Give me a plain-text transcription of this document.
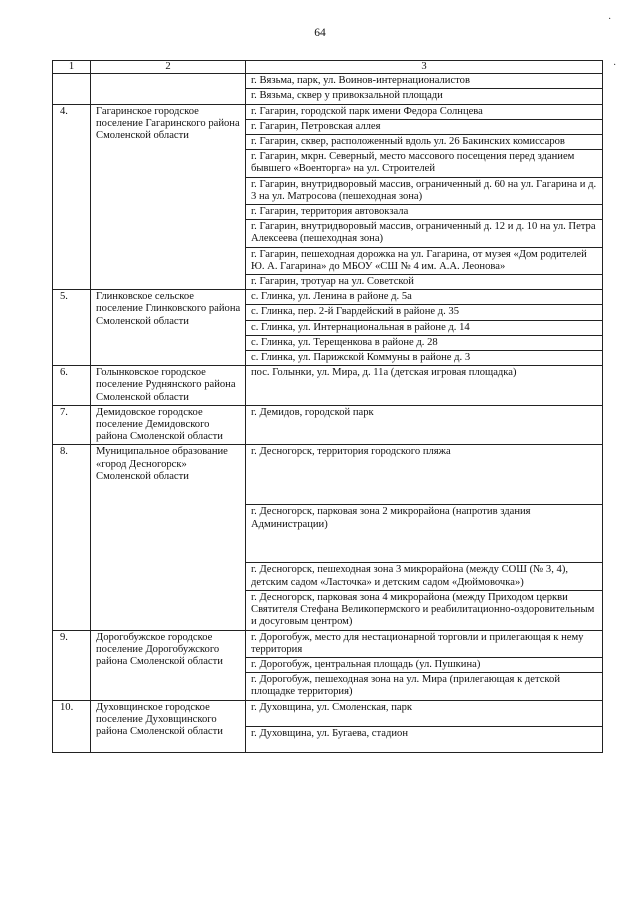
64
·
·
1	2	3
		г. Вязьма, парк, ул. Воинов-интернационалистов
		г. Вязьма, сквер у привокзальной площади
4.	Гагаринское городское поселение Гагаринского района Смоленской области	г. Гагарин, городской парк имени Федора Солнцева
		г. Гагарин, Петровская аллея
		г. Гагарин, сквер, расположенный вдоль ул. 26 Бакинских комиссаров
		г. Гагарин, мкрн. Северный, место массового посещения перед зданием бывшего «Военторга» на ул. Строителей
		г. Гагарин, внутридворовый массив, ограниченный д. 60 на ул. Гагарина и д. 3 на ул. Матросова (пешеходная зона)
		г. Гагарин, территория автовокзала
		г. Гагарин, внутридворовый массив, ограниченный д. 12 и д. 10 на ул. Петра Алексеева (пешеходная зона)
		г. Гагарин, пешеходная дорожка на ул. Гагарина, от музея «Дом родителей Ю. А. Гагарина» до МБОУ «СШ № 4 им. А.А. Леонова»
		г. Гагарин, тротуар на ул. Советской
5.	Глинковское сельское поселение Глинковского района Смоленской области	с. Глинка, ул. Ленина в районе д. 5а
		с. Глинка, пер. 2-й Гвардейский в районе д. 35
		с. Глинка, ул. Интернациональная в районе д. 14
		с. Глинка, ул. Терещенкова в районе д. 28
		с. Глинка, ул. Парижской Коммуны в районе д. 3
6.	Голынковское городское поселение Руднянского района Смоленской области	пос. Голынки, ул. Мира, д. 11а (детская игровая площадка)
7.	Демидовское городское поселение Демидовского района Смоленской области	г. Демидов, городской парк
8.	Муниципальное образование «город Десногорск» Смоленской области	г. Десногорск, территория городского пляжа
		г. Десногорск, парковая зона 2 микрорайона (напротив здания Администрации)
		г. Десногорск, пешеходная зона 3 микрорайона (между СОШ (№ 3, 4), детским садом «Ласточка» и детским садом «Дюймовочка»)
		г. Десногорск, парковая зона 4 микрорайона (между Приходом церкви Святителя Стефана Великопермского и реабилитационно-оздоровительным и досуговым центром)
9.	Дорогобужское городское поселение Дорогобужского района Смоленской области	г. Дорогобуж, место для нестационарной торговли и прилегающая к нему территория
		г. Дорогобуж, центральная площадь (ул. Пушкина)
		г. Дорогобуж, пешеходная зона на ул. Мира (прилегающая к детской площадке территория)
10.	Духовщинское городское поселение Духовщинского района Смоленской области	г. Духовщина, ул. Смоленская, парк
		г. Духовщина, ул. Бугаева, стадион
